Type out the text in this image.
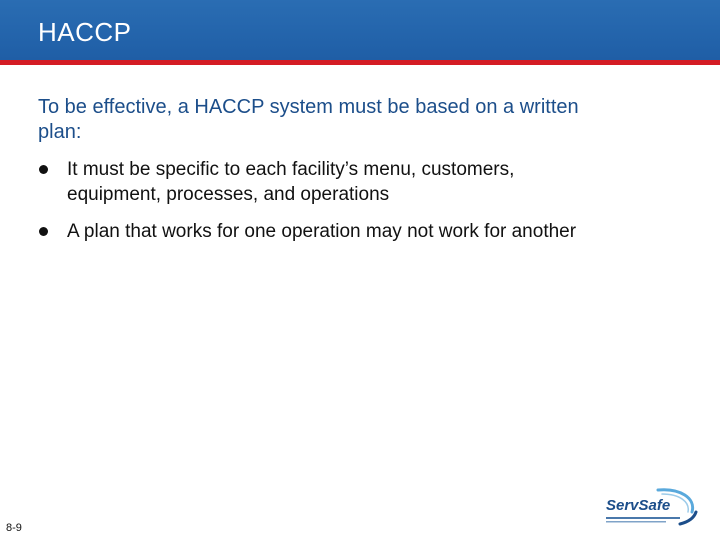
HACCP
To be effective, a HACCP system must be based on a written plan:
It must be specific to each facility’s menu, customers, equipment, processes, and operations
A plan that works for one operation may not work for another
8-9
ServSafe
